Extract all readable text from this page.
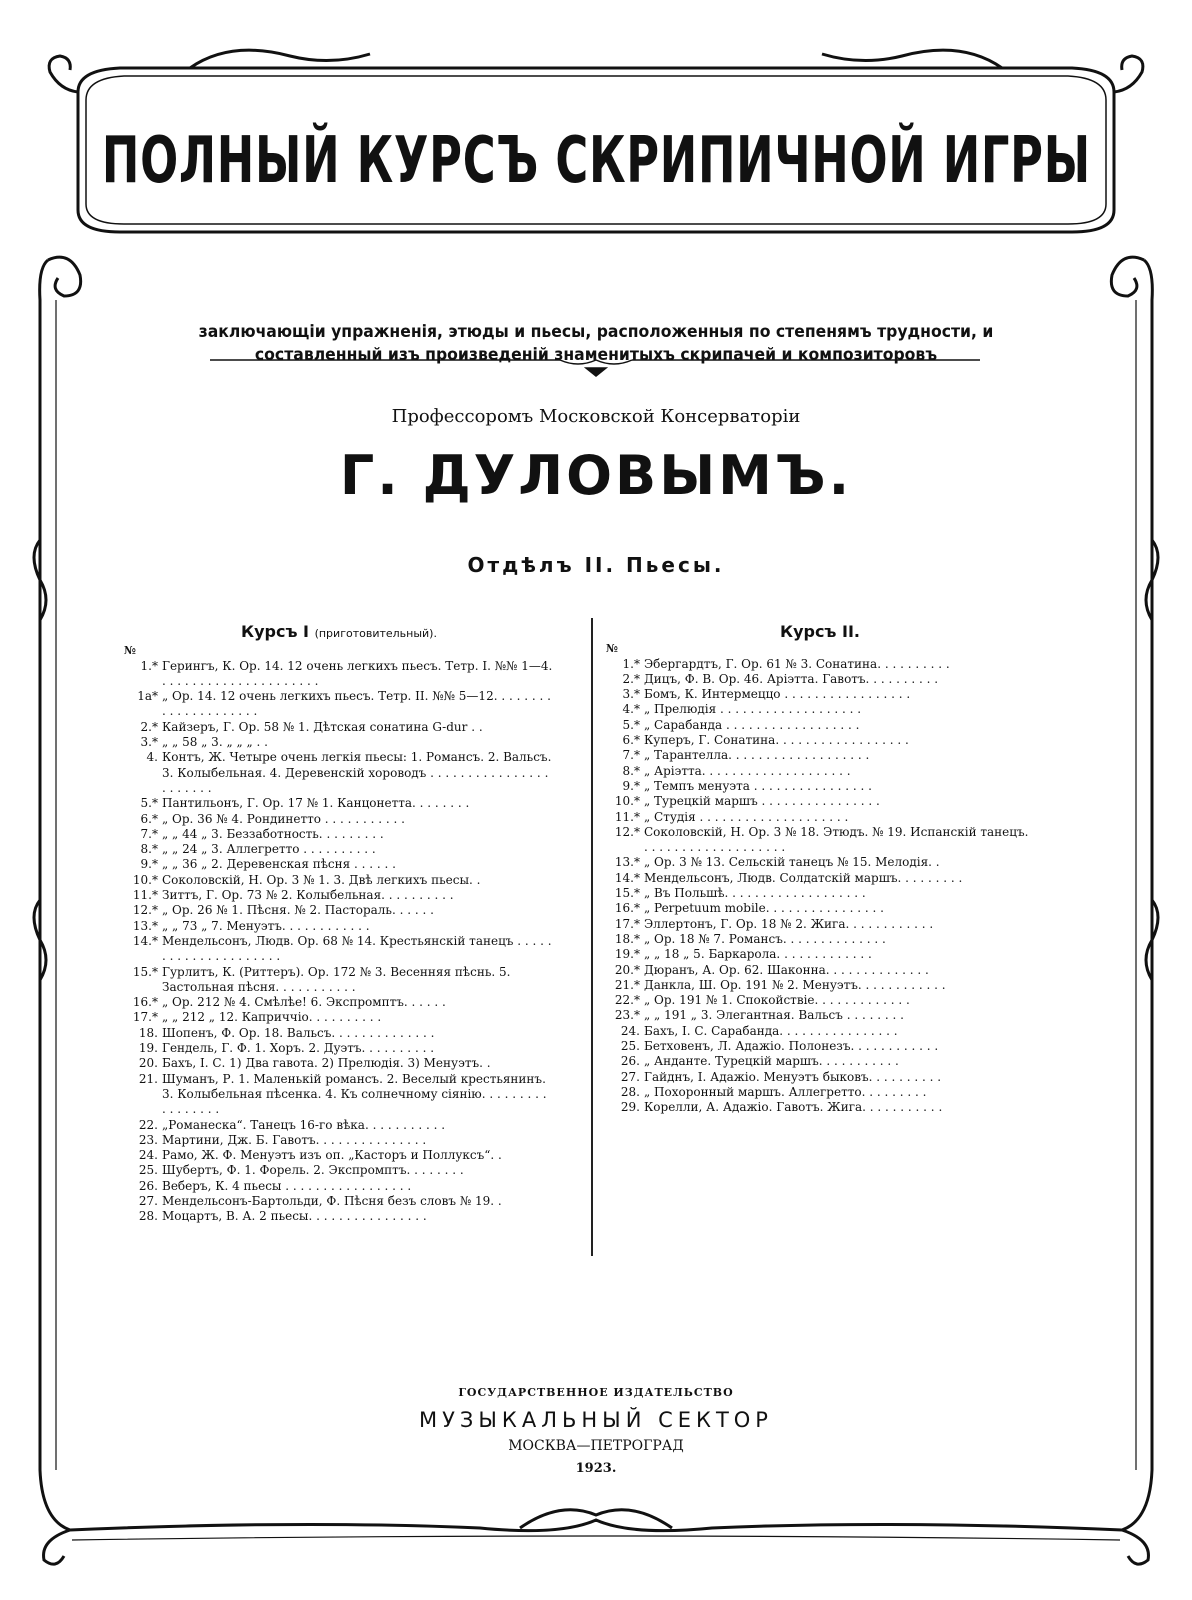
ПОЛНЫЙ КУРСЪ СКРИПИЧНОЙ ИГРЫ
заключающіи упражненія, этюды и пьесы, расположенныя по степенямъ трудности, и
составленный изъ произведеній знаменитыхъ скрипачей и композиторовъ
Профессоромъ Московской Консерваторіи
Г. ДУЛОВЫМЪ.
Отдѣлъ II. Пьесы.
Курсъ I (приготовительный).
№
1.* Герингъ, К. Ор. 14. 12 очень легкихъ пьесъ. Тетр. I. №№ 1—4. . . . . . . . . . . . . . . . . . . . . .
1а* „ Ор. 14. 12 очень легкихъ пьесъ. Тетр. II. №№ 5—12. . . . . . . . . . . . . . . . . . . . .
2.* Кайзеръ, Г. Ор. 58 № 1. Дѣтская сонатина G-dur . .
3.* „ „ 58 „ 3. „ „ „ . .
4. Контъ, Ж. Четыре очень легкія пьесы: 1. Романсъ. 2. Вальсъ. 3. Колыбельная. 4. Деревенскій хороводъ . . . . . . . . . . . . . . . . . . . . . . .
5.* Пантильонъ, Г. Ор. 17 № 1. Канцонетта. . . . . . . .
6.* „ Ор. 36 № 4. Рондинетто . . . . . . . . . . .
7.* „ „ 44 „ 3. Беззаботность. . . . . . . . .
8.* „ „ 24 „ 3. Аллегретто . . . . . . . . . .
9.* „ „ 36 „ 2. Деревенская пѣсня . . . . . .
10.* Соколовскій, Н. Ор. 3 № 1. 3. Двѣ легкихъ пьесы. .
11.* Зиттъ, Г. Ор. 73 № 2. Колыбельная. . . . . . . . . .
12.* „ Ор. 26 № 1. Пѣсня. № 2. Пастораль. . . . . .
13.* „ „ 73 „ 7. Менуэтъ. . . . . . . . . . . .
14.* Мендельсонъ, Людв. Ор. 68 № 14. Крестьянскій танецъ . . . . . . . . . . . . . . . . . . . . .
15.* Гурлитъ, К. (Риттеръ). Ор. 172 № 3. Весенняя пѣснь. 5. Застольная пѣсня. . . . . . . . . . .
16.* „ Ор. 212 № 4. Смѣлѣе! 6. Экспромптъ. . . . . .
17.* „ „ 212 „ 12. Каприччіо. . . . . . . . . .
18. Шопенъ, Ф. Ор. 18. Вальсъ. . . . . . . . . . . . . .
19. Гендель, Г. Ф. 1. Хоръ. 2. Дуэтъ. . . . . . . . . .
20. Бахъ, І. С. 1) Два гавота. 2) Прелюдія. 3) Менуэтъ. .
21. Шуманъ, Р. 1. Маленькій романсъ. 2. Веселый крестьянинъ. 3. Колыбельная пѣсенка. 4. Къ солнечному сіянію. . . . . . . . . . . . . . . . .
22. „Романеска“. Танецъ 16-го вѣка. . . . . . . . . . .
23. Мартини, Дж. Б. Гавотъ. . . . . . . . . . . . . . .
24. Рамо, Ж. Ф. Менуэтъ изъ оп. „Касторъ и Поллуксъ“. .
25. Шубертъ, Ф. 1. Форель. 2. Экспромптъ. . . . . . . .
26. Веберъ, К. 4 пьесы . . . . . . . . . . . . . . . . .
27. Мендельсонъ-Бартольди, Ф. Пѣсня безъ словъ № 19. .
28. Моцартъ, В. А. 2 пьесы. . . . . . . . . . . . . . . .
Курсъ II.
№
1.* Эбергардтъ, Г. Ор. 61 № 3. Сонатина. . . . . . . . . .
2.* Дицъ, Ф. В. Ор. 46. Аріэтта. Гавотъ. . . . . . . . . .
3.* Бомъ, К. Интермеццо . . . . . . . . . . . . . . . . .
4.* „ Прелюдія . . . . . . . . . . . . . . . . . . .
5.* „ Сарабанда . . . . . . . . . . . . . . . . . .
6.* Куперъ, Г. Сонатина. . . . . . . . . . . . . . . . . .
7.* „ Тарантелла. . . . . . . . . . . . . . . . . . .
8.* „ Аріэтта. . . . . . . . . . . . . . . . . . . .
9.* „ Темпъ менуэта . . . . . . . . . . . . . . . .
10.* „ Турецкій маршъ . . . . . . . . . . . . . . . .
11.* „ Студія . . . . . . . . . . . . . . . . . . . .
12.* Соколовскій, Н. Ор. 3 № 18. Этюдъ. № 19. Испанскій танецъ. . . . . . . . . . . . . . . . . . . .
13.* „ Ор. 3 № 13. Сельскій танецъ № 15. Мелодія. .
14.* Мендельсонъ, Людв. Солдатскій маршъ. . . . . . . . .
15.* „ Въ Польшѣ. . . . . . . . . . . . . . . . . . .
16.* „ Perpetuum mobile. . . . . . . . . . . . . . . .
17.* Эллертонъ, Г. Ор. 18 № 2. Жига. . . . . . . . . . . .
18.* „ Ор. 18 № 7. Романсъ. . . . . . . . . . . . . .
19.* „ „ 18 „ 5. Баркарола. . . . . . . . . . . . .
20.* Дюранъ, А. Ор. 62. Шаконна. . . . . . . . . . . . . .
21.* Данкла, Ш. Ор. 191 № 2. Менуэтъ. . . . . . . . . . . .
22.* „ Ор. 191 № 1. Спокойствіе. . . . . . . . . . . . .
23.* „ „ 191 „ 3. Элегантная. Вальсъ . . . . . . . .
24. Бахъ, І. С. Сарабанда. . . . . . . . . . . . . . . .
25. Бетховенъ, Л. Адажіо. Полонезъ. . . . . . . . . . . .
26. „ Анданте. Турецкій маршъ. . . . . . . . . . .
27. Гайднъ, І. Адажіо. Менуэтъ быковъ. . . . . . . . . .
28. „ Похоронный маршъ. Аллегретто. . . . . . . . .
29. Корелли, А. Адажіо. Гавотъ. Жига. . . . . . . . . . .
ГОСУДАРСТВЕННОЕ ИЗДАТЕЛЬСТВО
МУЗЫКАЛЬНЫЙ СЕКТОР
МОСКВА—ПЕТРОГРАД
1923.
